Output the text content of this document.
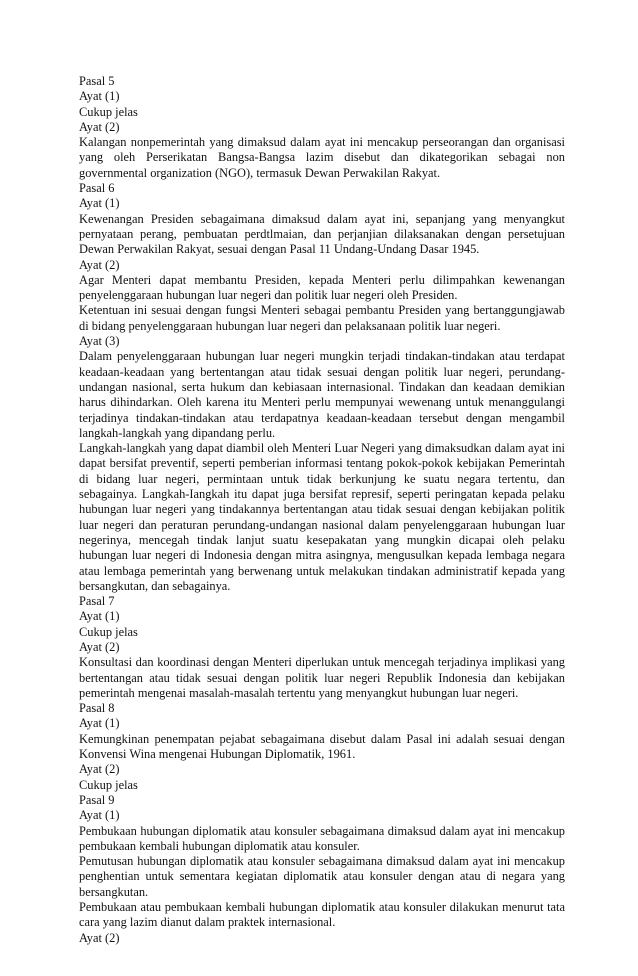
Pasal 5

Ayat (1)

Cukup jelas

Ayat (2)

Kalangan nonpemerintah yang dimaksud dalam ayat ini mencakup perseorangan dan organisasi yang oleh Perserikatan Bangsa-Bangsa lazim disebut dan dikategorikan sebagai non governmental organization (NGO), termasuk Dewan Perwakilan Rakyat.

Pasal 6

Ayat (1)

Kewenangan Presiden sebagaimana dimaksud dalam ayat ini, sepanjang yang menyangkut pernyataan perang, pembuatan perdtlmaian, dan perjanjian dilaksanakan dengan persetujuan Dewan Perwakilan Rakyat, sesuai dengan Pasal 11 Undang-Undang Dasar 1945.

Ayat (2)

Agar Menteri dapat membantu Presiden, kepada Menteri perlu dilimpahkan kewenangan penyelenggaraan hubungan luar negeri dan politik luar negeri oleh Presiden.

Ketentuan ini sesuai dengan fungsi Menteri sebagai pembantu Presiden yang bertanggungjawab di bidang penyelenggaraan hubungan luar negeri dan pelaksanaan politik luar negeri.

Ayat (3)

Dalam penyelenggaraan hubungan luar negeri mungkin terjadi tindakan-tindakan atau terdapat keadaan-keadaan yang bertentangan atau tidak sesuai dengan politik luar negeri, perundang-undangan nasional, serta hukum dan kebiasaan internasional. Tindakan dan keadaan demikian harus dihindarkan. Oleh karena itu Menteri perlu mempunyai wewenang untuk menanggulangi terjadinya tindakan-tindakan atau terdapatnya keadaan-keadaan tersebut dengan mengambil langkah-langkah yang dipandang perlu.

Langkah-langkah yang dapat diambil oleh Menteri Luar Negeri yang dimaksudkan dalam ayat ini dapat bersifat preventif, seperti pemberian informasi tentang pokok-pokok kebijakan Pemerintah di bidang luar negeri, permintaan untuk tidak berkunjung ke suatu negara tertentu, dan sebagainya. Langkah-Iangkah itu dapat juga bersifat represif, seperti peringatan kepada pelaku hubungan luar negeri yang tindakannya bertentangan atau tidak sesuai dengan kebijakan politik luar negeri dan peraturan perundang-undangan nasional dalam penyelenggaraan hubungan luar negerinya, mencegah tindak lanjut suatu kesepakatan yang mungkin dicapai oleh pelaku hubungan luar negeri di Indonesia dengan mitra asingnya, mengusulkan kepada lembaga negara atau lembaga pemerintah yang berwenang untuk melakukan tindakan administratif kepada yang bersangkutan, dan sebagainya.

Pasal 7

Ayat (1)

Cukup jelas

Ayat (2)

Konsultasi dan koordinasi dengan Menteri diperlukan untuk mencegah terjadinya implikasi yang bertentangan atau tidak sesuai dengan politik luar negeri Republik Indonesia dan kebijakan pemerintah mengenai masalah-masalah tertentu yang menyangkut hubungan luar negeri.

Pasal 8

Ayat (1)

Kemungkinan penempatan pejabat sebagaimana disebut dalam Pasal ini adalah sesuai dengan Konvensi Wina mengenai Hubungan Diplomatik, 1961.

Ayat (2)

Cukup jelas

Pasal 9

Ayat (1)

Pembukaan hubungan diplomatik atau konsuler sebagaimana dimaksud dalam ayat ini mencakup pembukaan kembali hubungan diplomatik atau konsuler.

Pemutusan hubungan diplomatik atau konsuler sebagaimana dimaksud dalam ayat ini mencakup penghentian untuk sementara kegiatan diplomatik atau konsuler dengan atau di negara yang bersangkutan.

Pembukaan atau pembukaan kembali hubungan diplomatik atau konsuler dilakukan menurut tata cara yang lazim dianut dalam praktek internasional.

Ayat (2)
